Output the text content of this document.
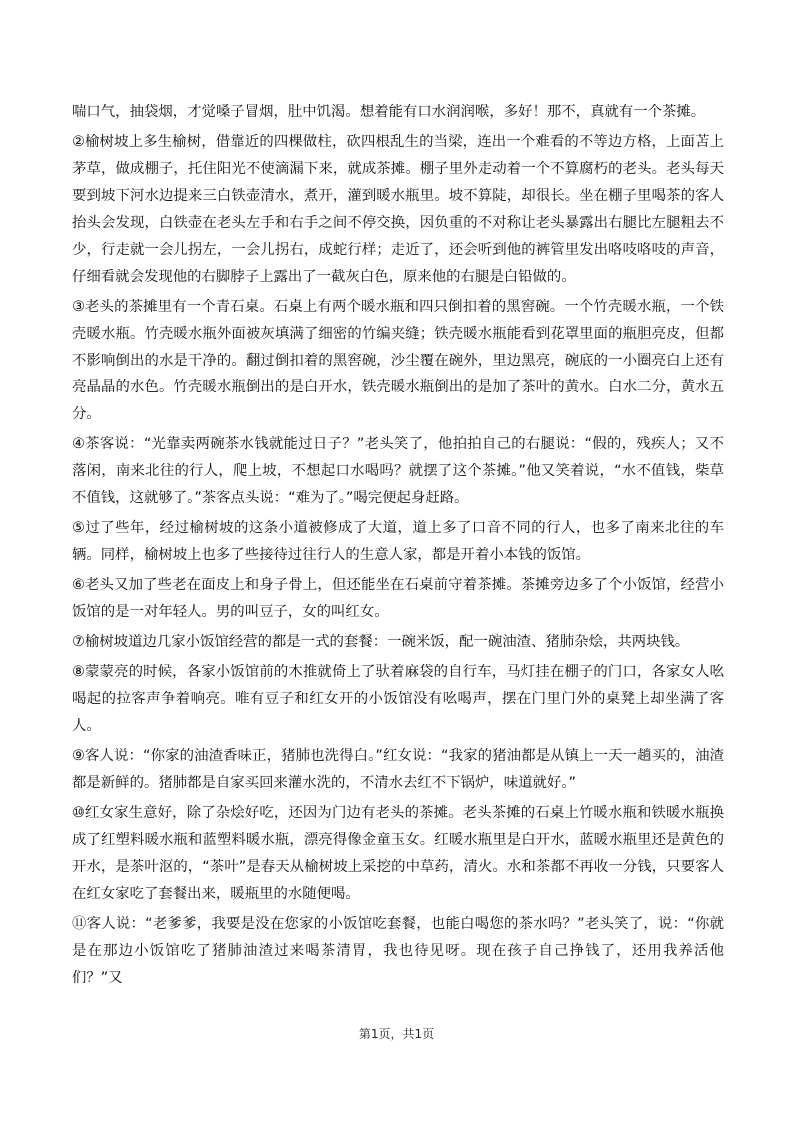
喘口气，抽袋烟，才觉嗓子冒烟，肚中饥渴。想着能有口水润润喉，多好！那不，真就有一个茶摊。

②榆树坡上多生榆树，借靠近的四棵做柱，砍四根乱生的当梁，连出一个难看的不等边方格，上面苫上茅草，做成棚子，托住阳光不使滴漏下来，就成茶摊。棚子里外走动着一个不算腐朽的老头。老头每天要到坡下河水边提来三白铁壶清水，煮开，灌到暖水瓶里。坡不算陡，却很长。坐在棚子里喝茶的客人抬头会发现，白铁壶在老头左手和右手之间不停交换，因负重的不对称让老头暴露出右腿比左腿粗去不少，行走就一会儿拐左，一会儿拐右，成蛇行样；走近了，还会听到他的裤管里发出咯吱咯吱的声音，仔细看就会发现他的右脚脖子上露出了一截灰白色，原来他的右腿是白铅做的。

③老头的茶摊里有一个青石桌。石桌上有两个暖水瓶和四只倒扣着的黑窖碗。一个竹壳暖水瓶，一个铁壳暖水瓶。竹壳暖水瓶外面被灰填满了细密的竹编夹缝；铁壳暖水瓶能看到花罩里面的瓶胆亮皮，但都不影响倒出的水是干净的。翻过倒扣着的黑窖碗，沙尘覆在碗外，里边黑亮，碗底的一小圈亮白上还有亮晶晶的水色。竹壳暖水瓶倒出的是白开水，铁壳暖水瓶倒出的是加了茶叶的黄水。白水二分，黄水五分。

④茶客说：“光靠卖两碗茶水钱就能过日子？”老头笑了，他拍拍自己的右腿说：“假的，残疾人；又不落闲，南来北往的行人，爬上坡，不想起口水喝吗？就摆了这个茶摊。”他又笑着说，“水不值钱，柴草不值钱，这就够了。”茶客点头说：“难为了。”喝完便起身赶路。

⑤过了些年，经过榆树坡的这条小道被修成了大道，道上多了口音不同的行人，也多了南来北往的车辆。同样，榆树坡上也多了些接待过往行人的生意人家，都是开着小本钱的饭馆。

⑥老头又加了些老在面皮上和身子骨上，但还能坐在石桌前守着茶摊。茶摊旁边多了个小饭馆，经营小饭馆的是一对年轻人。男的叫豆子，女的叫红女。

⑦榆树坡道边几家小饭馆经营的都是一式的套餐：一碗米饭，配一碗油渣、猪肺杂烩，共两块钱。

⑧蒙蒙亮的时候，各家小饭馆前的木推就倚上了驮着麻袋的自行车，马灯挂在棚子的门口，各家女人吆喝起的拉客声争着响亮。唯有豆子和红女开的小饭馆没有吆喝声，摆在门里门外的桌凳上却坐满了客人。

⑨客人说：“你家的油渣香味正，猪肺也洗得白。”红女说：“我家的猪油都是从镇上一天一趟买的，油渣都是新鲜的。猪肺都是自家买回来灌水洗的，不清水去红不下锅炉，味道就好。”

⑩红女家生意好，除了杂烩好吃，还因为门边有老头的茶摊。老头茶摊的石桌上竹暖水瓶和铁暖水瓶换成了红塑料暖水瓶和蓝塑料暖水瓶，漂亮得像金童玉女。红暖水瓶里是白开水，蓝暖水瓶里还是黄色的开水，是茶叶沤的，“茶叶”是春天从榆树坡上采挖的中草药，清火。水和茶都不再收一分钱，只要客人在红女家吃了套餐出来，暖瓶里的水随便喝。

⑪客人说：“老爹爹，我要是没在您家的小饭馆吃套餐，也能白喝您的茶水吗？”老头笑了，说：“你就是在那边小饭馆吃了猪肺油渣过来喝茶清胃，我也待见呀。现在孩子自己挣钱了，还用我养活他们？”又

第1页，共1页
